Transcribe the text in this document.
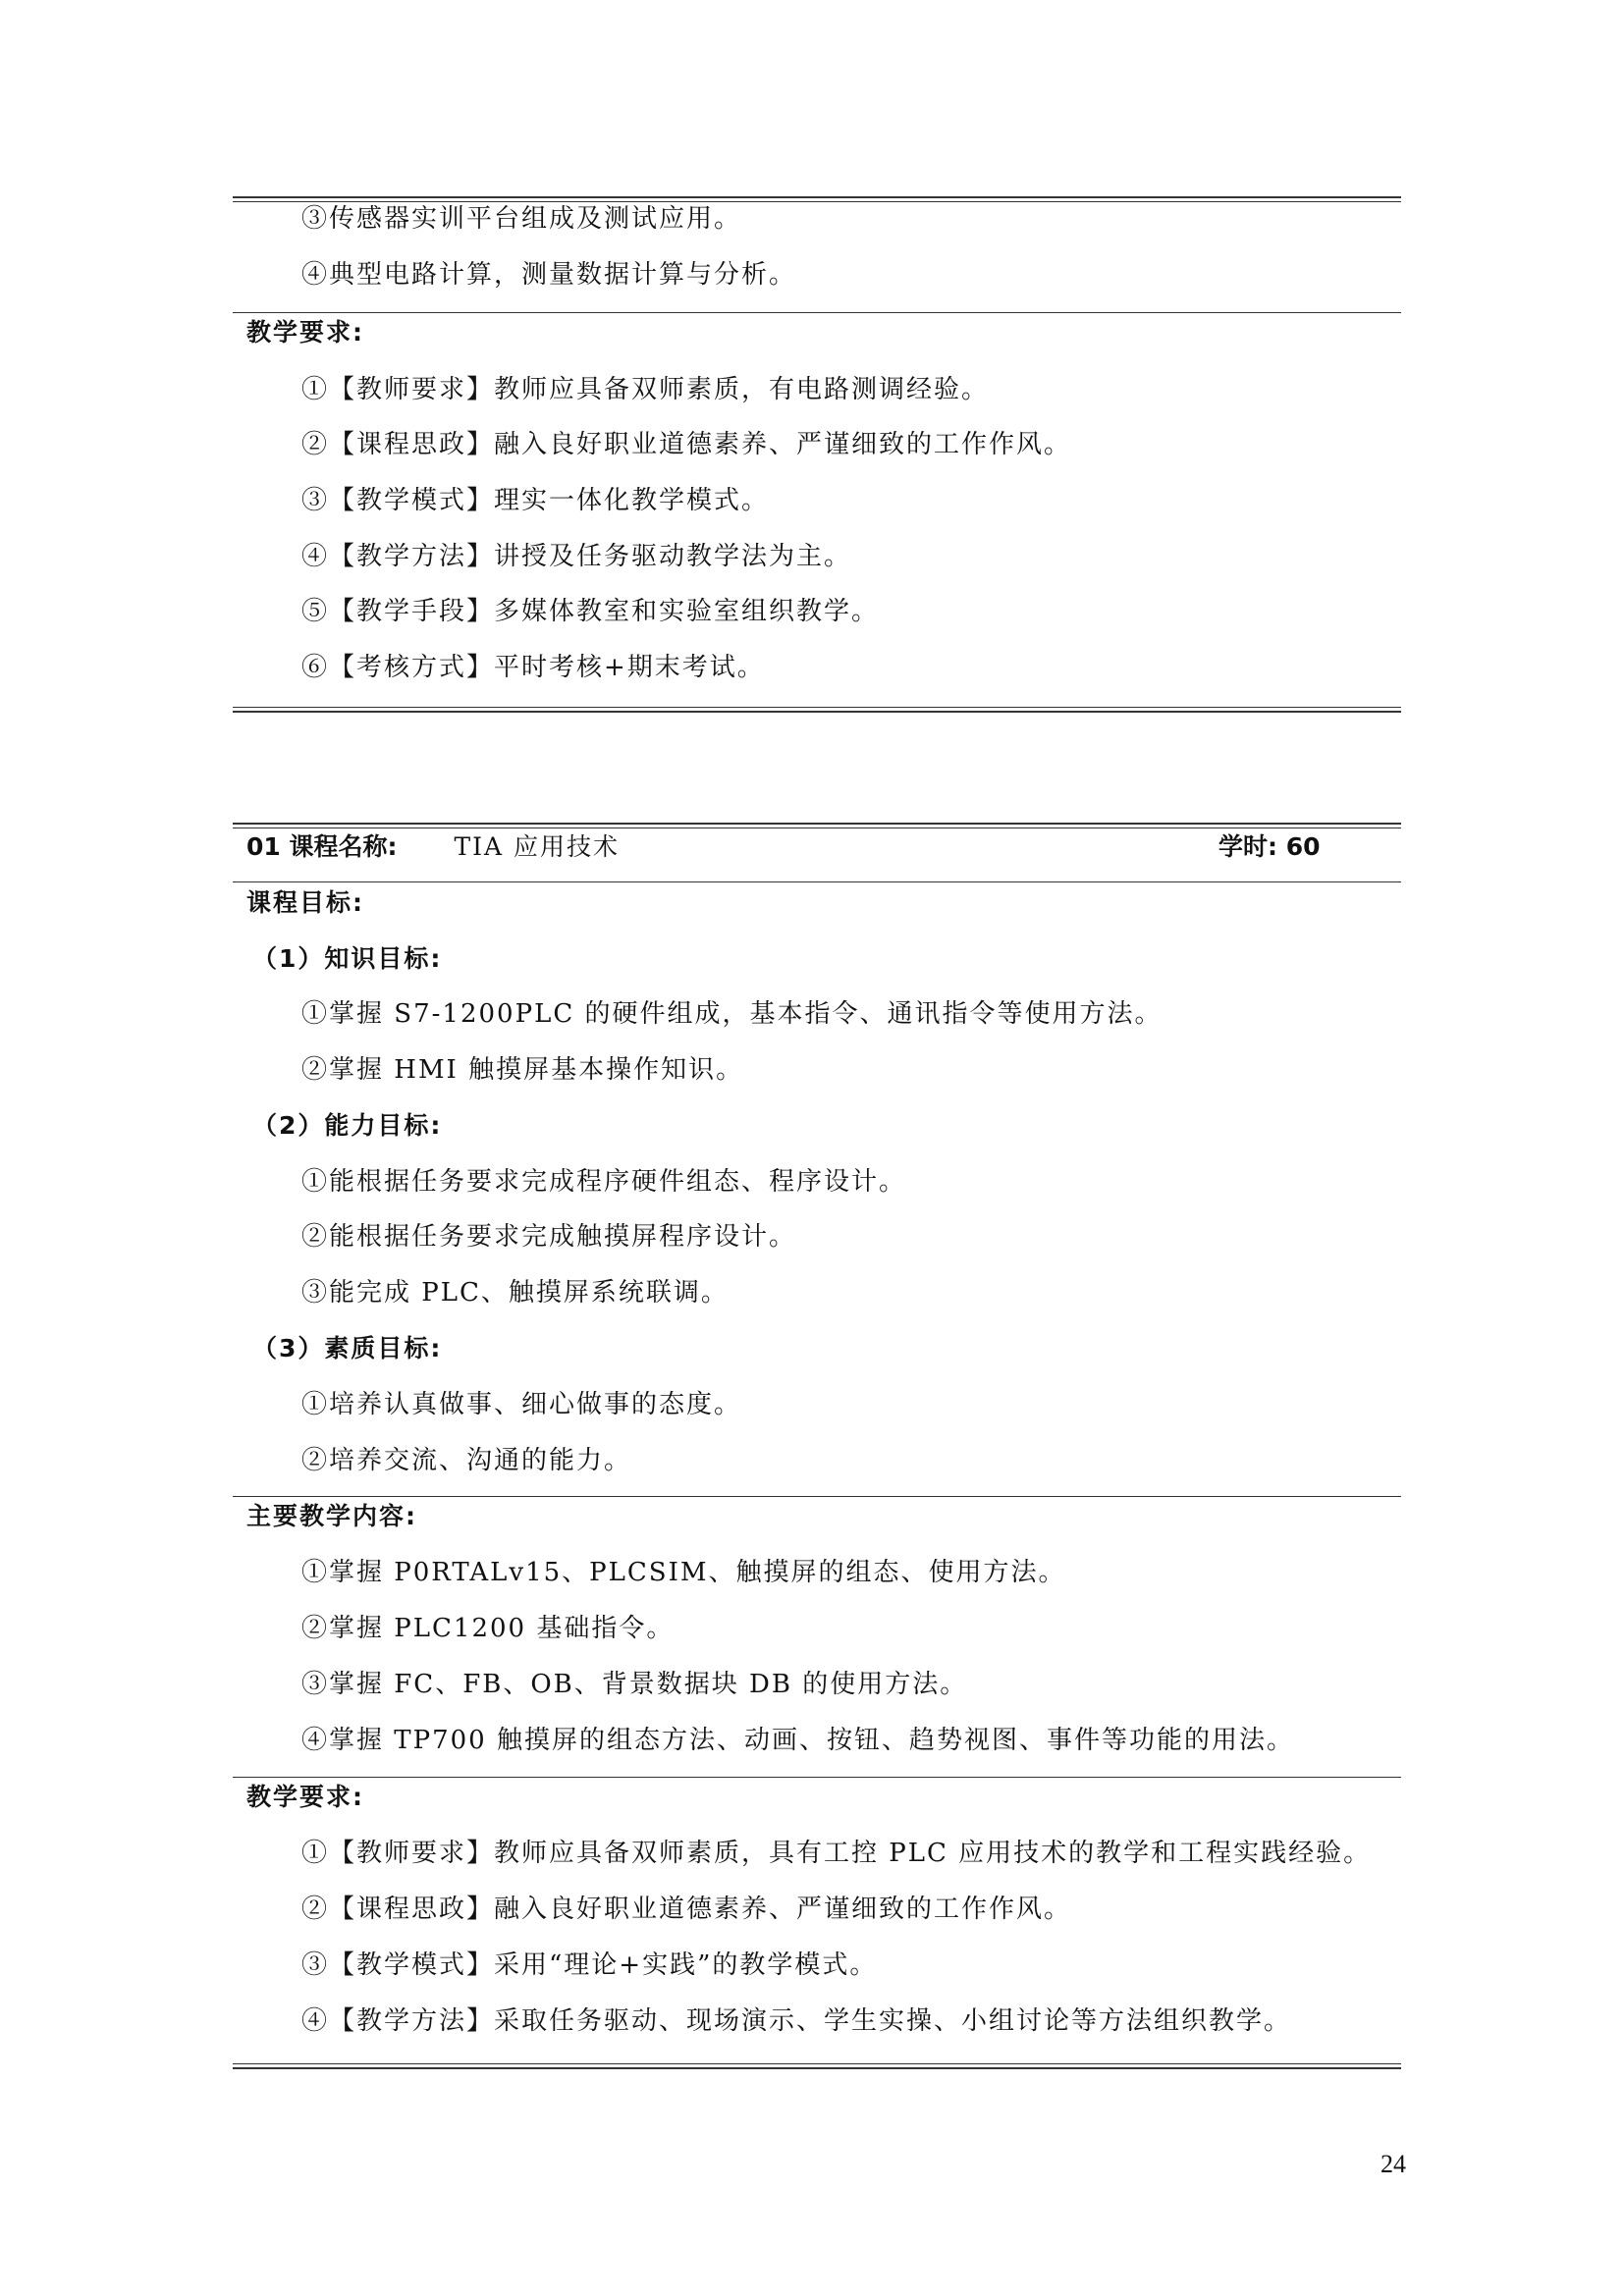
③传感器实训平台组成及测试应用。
④典型电路计算，测量数据计算与分析。
教学要求:
①【教师要求】教师应具备双师素质，有电路测调经验。
②【课程思政】融入良好职业道德素养、严谨细致的工作作风。
③【教学模式】理实一体化教学模式。
④【教学方法】讲授及任务驱动教学法为主。
⑤【教学手段】多媒体教室和实验室组织教学。
⑥【考核方式】平时考核+期末考试。
01 课程名称: TIA 应用技术	学时: 60
课程目标:
（1）知识目标:
①掌握 S7-1200PLC 的硬件组成，基本指令、通讯指令等使用方法。
②掌握 HMI 触摸屏基本操作知识。
（2）能力目标:
①能根据任务要求完成程序硬件组态、程序设计。
②能根据任务要求完成触摸屏程序设计。
③能完成 PLC、触摸屏系统联调。
（3）素质目标:
①培养认真做事、细心做事的态度。
②培养交流、沟通的能力。
主要教学内容:
①掌握 P0RTALv15、PLCSIM、触摸屏的组态、使用方法。
②掌握 PLC1200 基础指令。
③掌握 FC、FB、OB、背景数据块 DB 的使用方法。
④掌握 TP700 触摸屏的组态方法、动画、按钮、趋势视图、事件等功能的用法。
教学要求:
①【教师要求】教师应具备双师素质，具有工控 PLC 应用技术的教学和工程实践经验。
②【课程思政】融入良好职业道德素养、严谨细致的工作作风。
③【教学模式】采用“理论+实践”的教学模式。
④【教学方法】采取任务驱动、现场演示、学生实操、小组讨论等方法组织教学。
24
